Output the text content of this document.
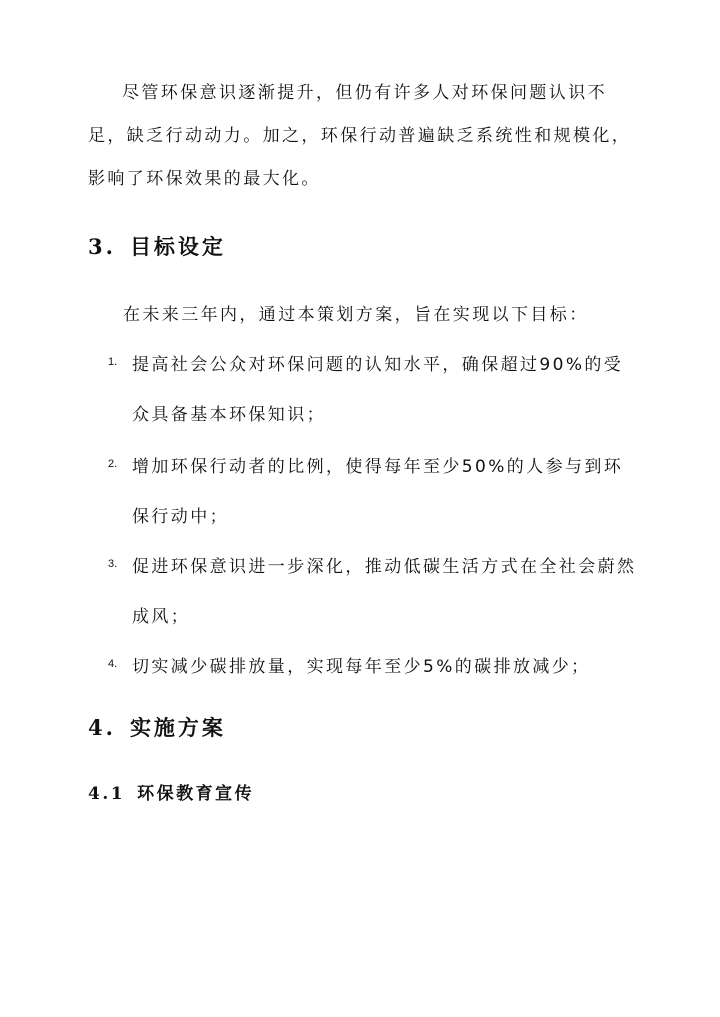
尽管环保意识逐渐提升，但仍有许多人对环保问题认识不足，缺乏行动动力。加之，环保行动普遍缺乏系统性和规模化，影响了环保效果的最大化。

3. 目标设定

在未来三年内，通过本策划方案，旨在实现以下目标：

1. 提高社会公众对环保问题的认知水平，确保超过90%的受众具备基本环保知识；
2. 增加环保行动者的比例，使得每年至少50%的人参与到环保行动中；
3. 促进环保意识进一步深化，推动低碳生活方式在全社会蔚然成风；
4. 切实减少碳排放量，实现每年至少5%的碳排放减少；
4. 实施方案
4.1 环保教育宣传
